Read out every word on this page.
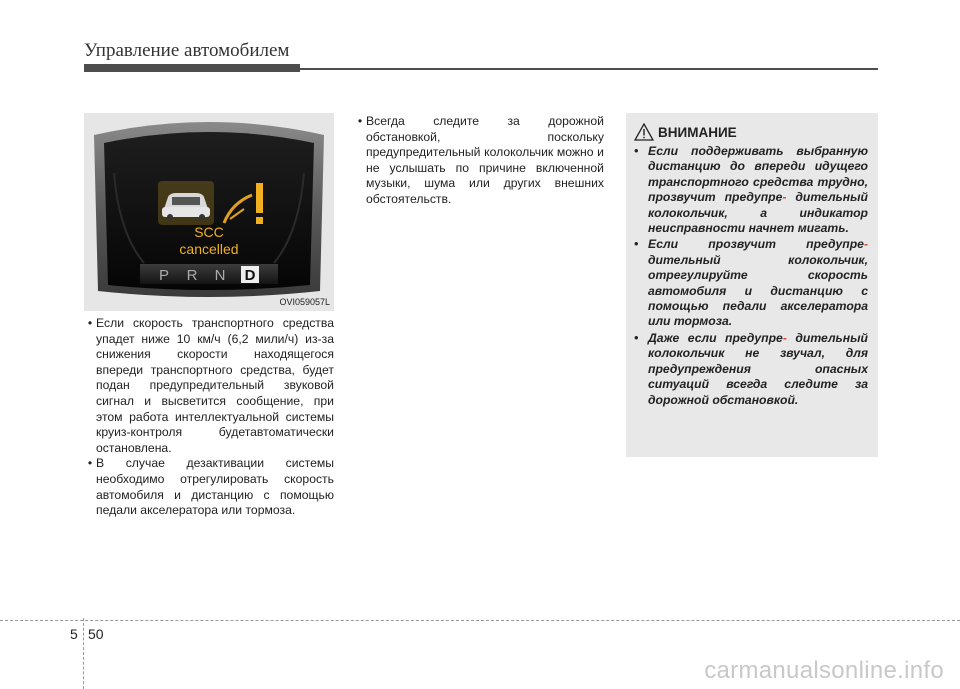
Управление автомобилем
SCC
cancelled
P R N D
OVI059057L
• Если скорость транспортного средства упадет ниже 10 км/ч (6,2 мили/ч) из-за снижения скорости находящегося впереди транспортного средства, будет подан предупредительный звуковой сигнал и высветится сообщение, при этом работа интеллектуальной системы круиз-контроля будетавтоматически остановлена.
• В случае дезактивации системы необходимо отрегулировать скорость автомобиля и дистанцию с помощью педали акселератора или тормоза.
• Всегда следите за дорожной обстановкой, поскольку предупредительный колокольчик можно и не услышать по причине включенной музыки, шума или других внешних обстоятельств.
ВНИМАНИЕ
• Если поддерживать выбранную дистанцию до впереди идущего транспортного средства трудно, прозвучит предупре- дительный колокольчик, а индикатор неисправности начнет мигать.
• Если прозвучит предупре- дительный колокольчик, отрегулируйте скорость автомобиля и дистанцию с помощью педали акселератора или тормоза.
• Даже если предупре- дительный колокольчик не звучал, для предупреждения опасных ситуаций всегда следите за дорожной обстановкой.
5 50
carmanualsonline.info
